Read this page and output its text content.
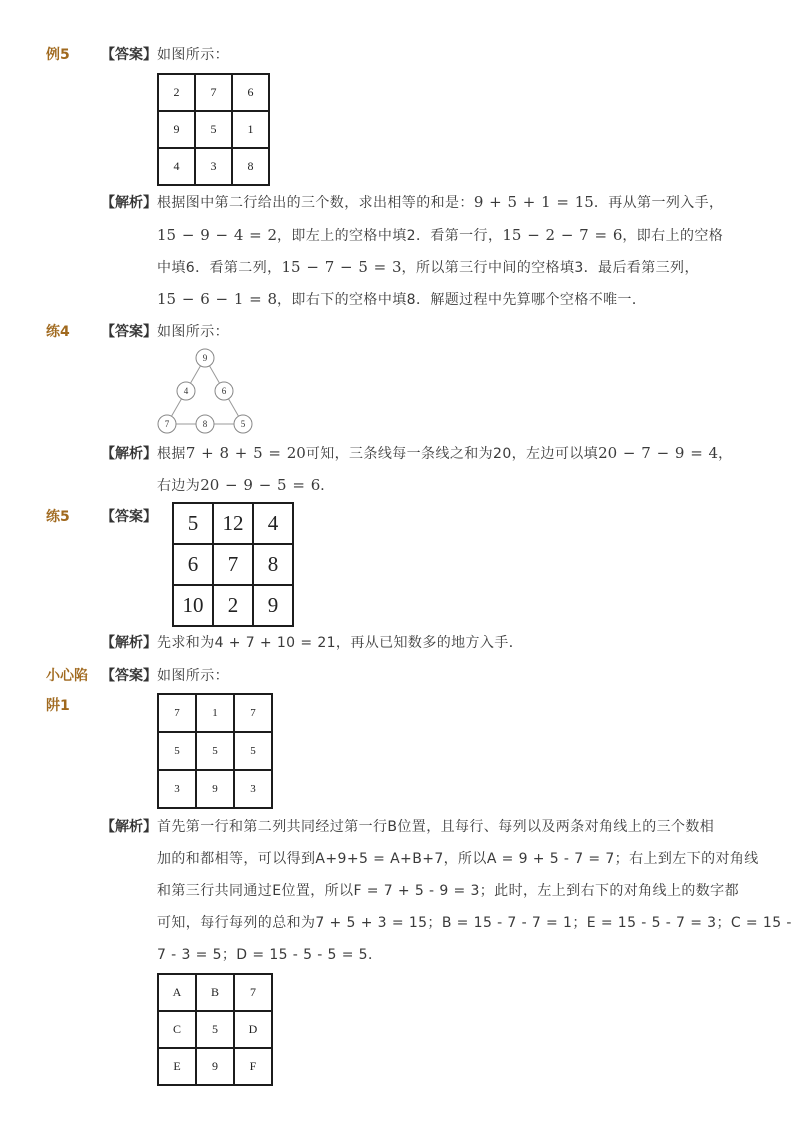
例5 【答案】如图所示：
2	7	6
9	5	1
4	3	8
【解析】根据图中第二行给出的三个数，求出相等的和是：9 + 5 + 1 = 15．再从第一列入手，
15 − 9 − 4 = 2，即左上的空格中填2．看第一行，15 − 2 − 7 = 6，即右上的空格
中填6．看第二列，15 − 7 − 5 = 3，所以第三行中间的空格填3．最后看第三列，
15 − 6 − 1 = 8，即右下的空格中填8．解题过程中先算哪个空格不唯一．
练4 【答案】如图所示：
9
4	6
7	8	5
【解析】根据7 + 8 + 5 = 20可知，三条线每一条线之和为20，左边可以填20 − 7 − 9 = 4，
右边为20 − 9 − 5 = 6．
练5 【答案】 5	12	4
6	7	8
10	2	9
【解析】先求和为4 + 7 + 10 = 21，再从已知数多的地方入手．
小心陷
阱1
【答案】如图所示：
7	1	7
5	5	5
3	9	3
【解析】首先第一行和第二列共同经过第一行B位置，且每行、每列以及两条对角线上的三个数相
加的和都相等，可以得到A+9+5 = A+B+7，所以A = 9 + 5 - 7 = 7；右上到左下的对角线
和第三行共同通过E位置，所以F = 7 + 5 - 9 = 3；此时，左上到右下的对角线上的数字都
可知，每行每列的总和为7 + 5 + 3 = 15；B = 15 - 7 - 7 = 1；E = 15 - 5 - 7 = 3；C = 15 -
7 - 3 = 5；D = 15 - 5 - 5 = 5．
A	B	7
C	5	D
E	9	F
